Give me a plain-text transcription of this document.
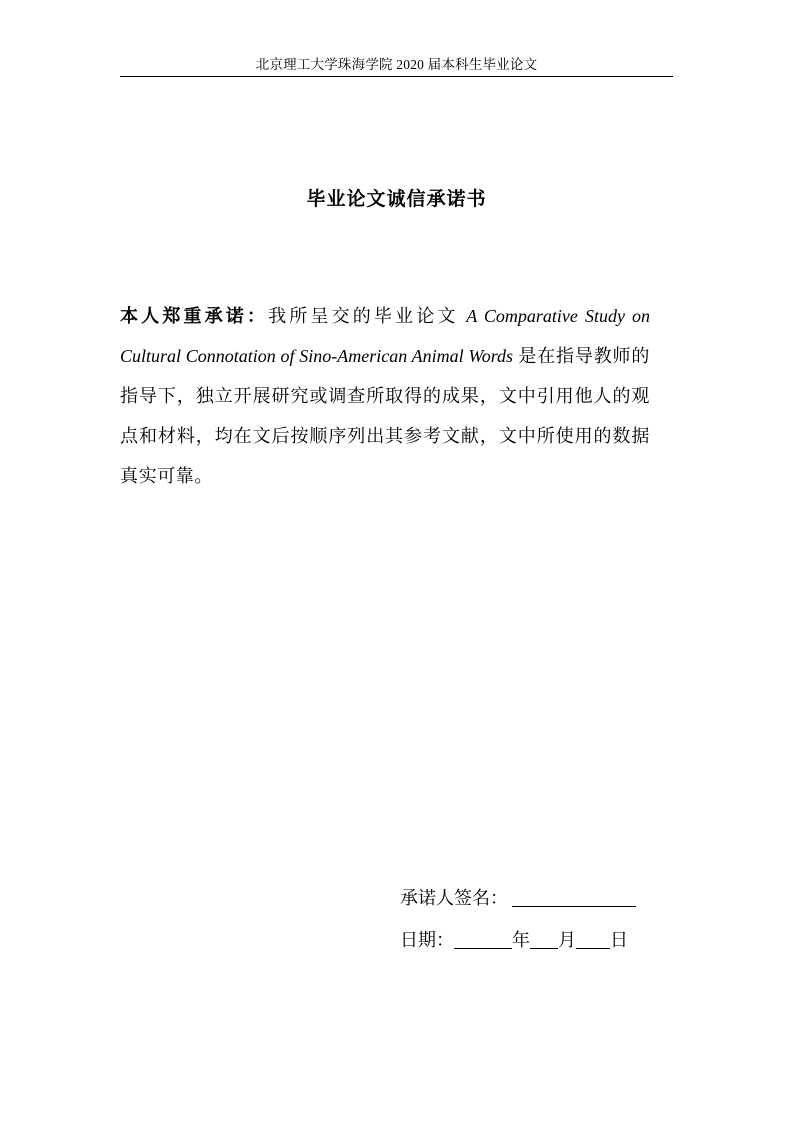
北京理工大学珠海学院 2020 届本科生毕业论文
毕业论文诚信承诺书

本人郑重承诺：我所呈交的毕业论文 A Comparative Study on Cultural Connotation of Sino-American Animal Words 是在指导教师的指导下，独立开展研究或调查所取得的成果，文中引用他人的观点和材料，均在文后按顺序列出其参考文献，文中所使用的数据真实可靠。

承诺人签名：
日期：	年 月 日
